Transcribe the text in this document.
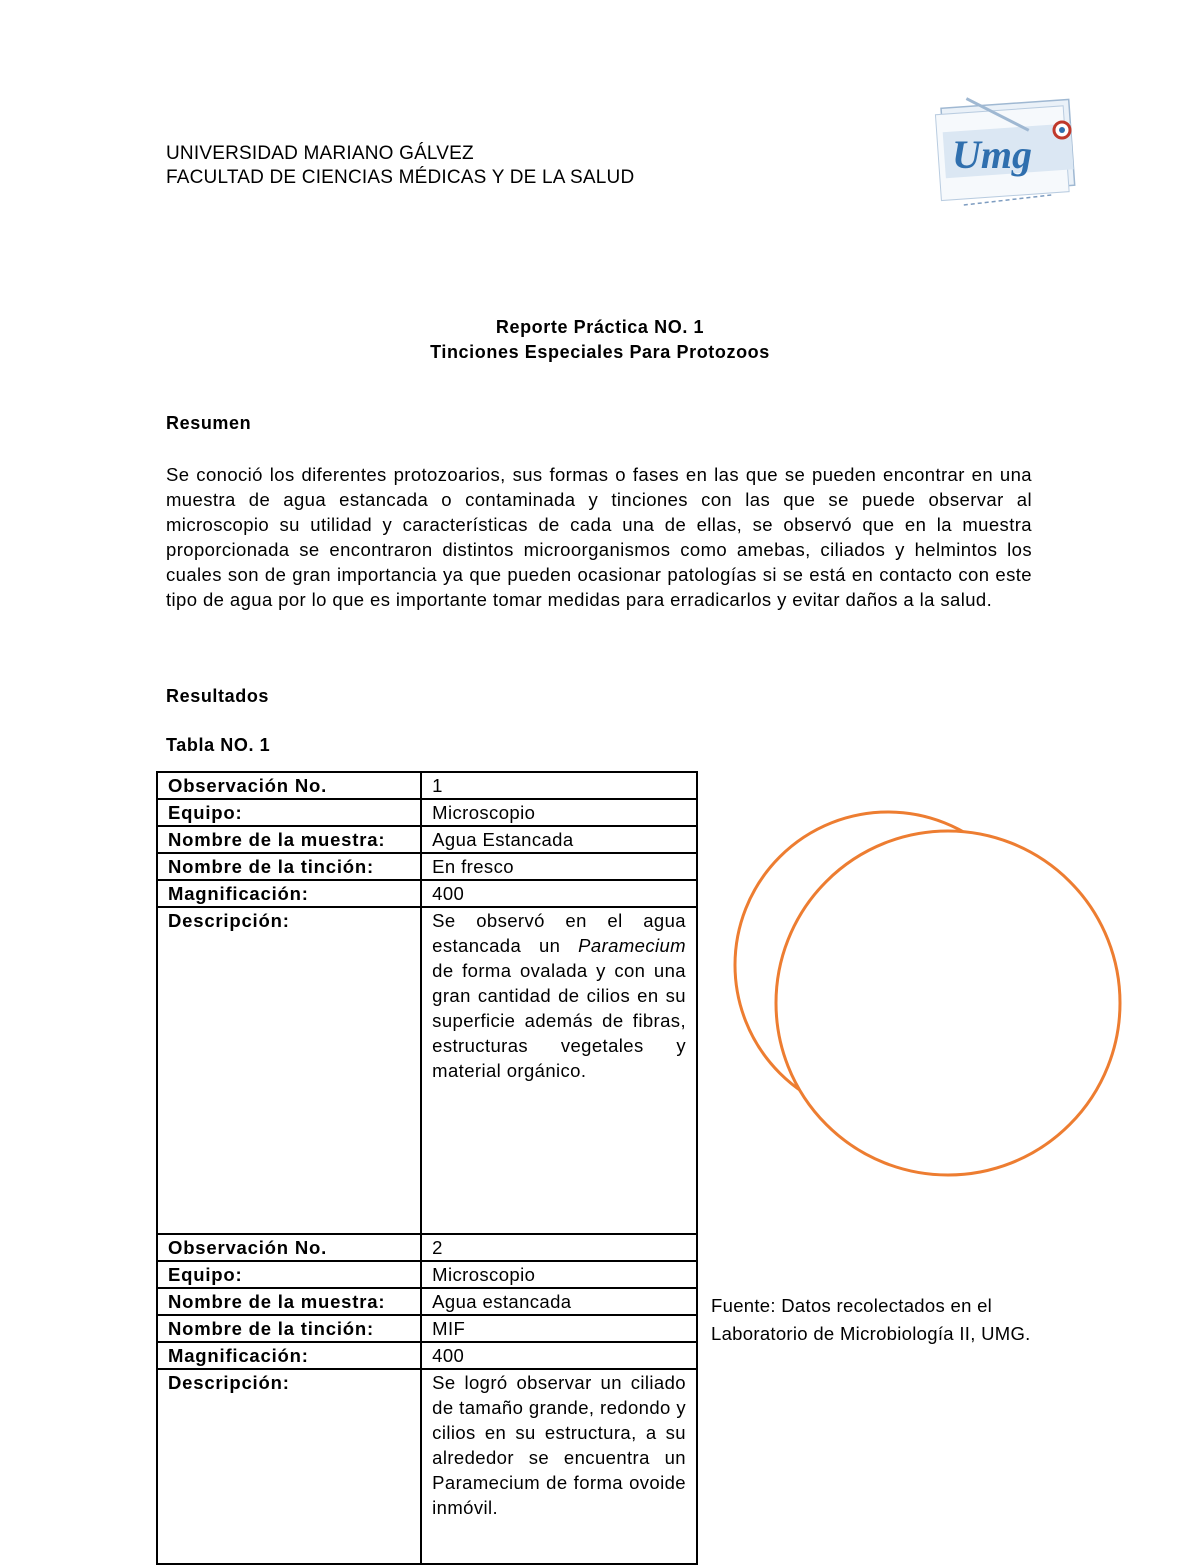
UNIVERSIDAD MARIANO GÁLVEZ
FACULTAD DE CIENCIAS MÉDICAS Y DE LA SALUD
Umg
Reporte Práctica NO. 1
Tinciones Especiales Para Protozoos
Resumen
Se conoció los diferentes protozoarios, sus formas o fases en las que se pueden encontrar en una muestra de agua estancada o contaminada y tinciones con las que se puede observar al microscopio su utilidad y características de cada una de ellas, se observó que en la muestra proporcionada se encontraron distintos microorganismos como amebas, ciliados y helmintos los cuales son de gran importancia ya que pueden ocasionar patologías si se está en contacto con este tipo de agua por lo que es importante tomar medidas para erradicarlos y evitar daños a la salud.
Resultados
Tabla NO. 1
Observación No.	1
Equipo:	Microscopio
Nombre de la muestra:	Agua Estancada
Nombre de la tinción:	En fresco
Magnificación:	400
Descripción:	Se observó en el agua estancada un Paramecium de forma ovalada y con una gran cantidad de cilios en su superficie además de fibras, estructuras vegetales y material orgánico.
Observación No.	2
Equipo:	Microscopio
Nombre de la muestra:	Agua estancada
Nombre de la tinción:	MIF
Magnificación:	400
Descripción:	Se logró observar un ciliado de tamaño grande, redondo y cilios en su estructura, a su alrededor se encuentra un Paramecium de forma ovoide inmóvil.
Fuente: Datos recolectados en el Laboratorio de Microbiología II, UMG.
